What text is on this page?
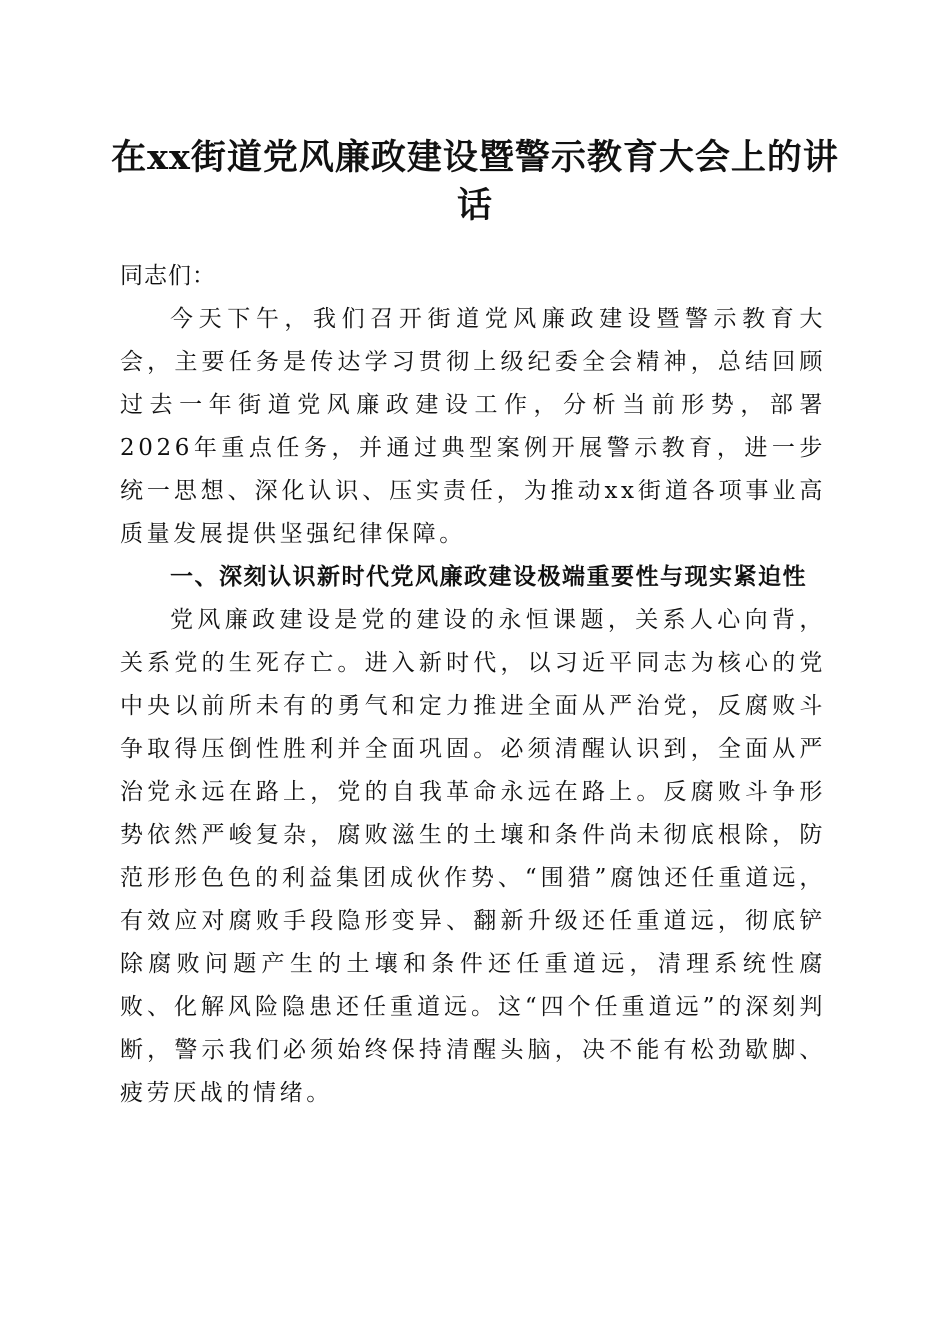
在xx街道党风廉政建设暨警示教育大会上的讲话

同志们：

今天下午，我们召开街道党风廉政建设暨警示教育大会，主要任务是传达学习贯彻上级纪委全会精神，总结回顾过去一年街道党风廉政建设工作，分析当前形势，部署2026年重点任务，并通过典型案例开展警示教育，进一步统一思想、深化认识、压实责任，为推动xx街道各项事业高质量发展提供坚强纪律保障。

一、深刻认识新时代党风廉政建设极端重要性与现实紧迫性

党风廉政建设是党的建设的永恒课题，关系人心向背，关系党的生死存亡。进入新时代，以习近平同志为核心的党中央以前所未有的勇气和定力推进全面从严治党，反腐败斗争取得压倒性胜利并全面巩固。必须清醒认识到，全面从严治党永远在路上，党的自我革命永远在路上。反腐败斗争形势依然严峻复杂，腐败滋生的土壤和条件尚未彻底根除，防范形形色色的利益集团成伙作势、“围猎”腐蚀还任重道远，有效应对腐败手段隐形变异、翻新升级还任重道远，彻底铲除腐败问题产生的土壤和条件还任重道远，清理系统性腐败、化解风险隐患还任重道远。这“四个任重道远”的深刻判断，警示我们必须始终保持清醒头脑，决不能有松劲歇脚、疲劳厌战的情绪。
